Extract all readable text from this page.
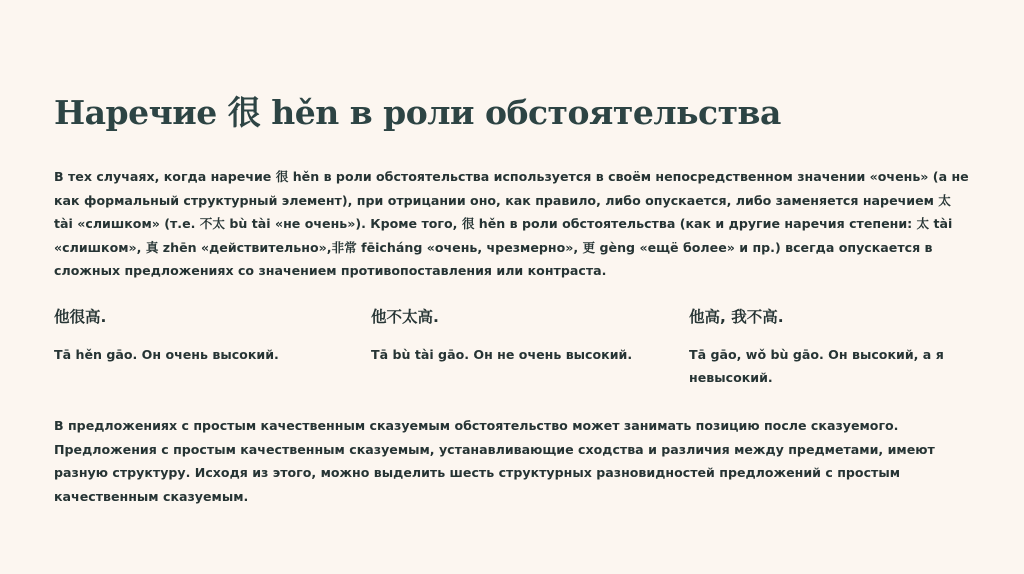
Наречие 很 hěn в роли обстоятельства

В тех случаях, когда наречие 很 hěn в роли обстоятельства используется в своём непосредственном значении «очень» (а не как формальный структурный элемент), при отрицании оно, как правило, либо опускается, либо заменяется наречием 太 tài «слишком» (т.е. 不太 bù tài «не очень»). Кроме того, 很 hěn в роли обстоятельства (как и другие наречия степени: 太 tài «слишком», 真 zhēn «действительно»,非常 fēicháng «очень, чрезмерно», 更 gèng «ещё более» и пр.) всегда опускается в сложных предложениях со значением противопоставления или контраста.

他很高.

Tā hěn gāo. Он очень высокий.

他不太高.

Tā bù tài gāo. Он не очень высокий.

他高, 我不高.

Tā gāo, wǒ bù gāo. Он высокий, а я невысокий.

В предложениях с простым качественным сказуемым обстоятельство может занимать позицию после сказуемого. Предложения с простым качественным сказуемым, устанавливающие сходства и различия между предметами, имеют разную структуру. Исходя из этого, можно выделить шесть структурных разновидностей предложений с простым качественным сказуемым.
